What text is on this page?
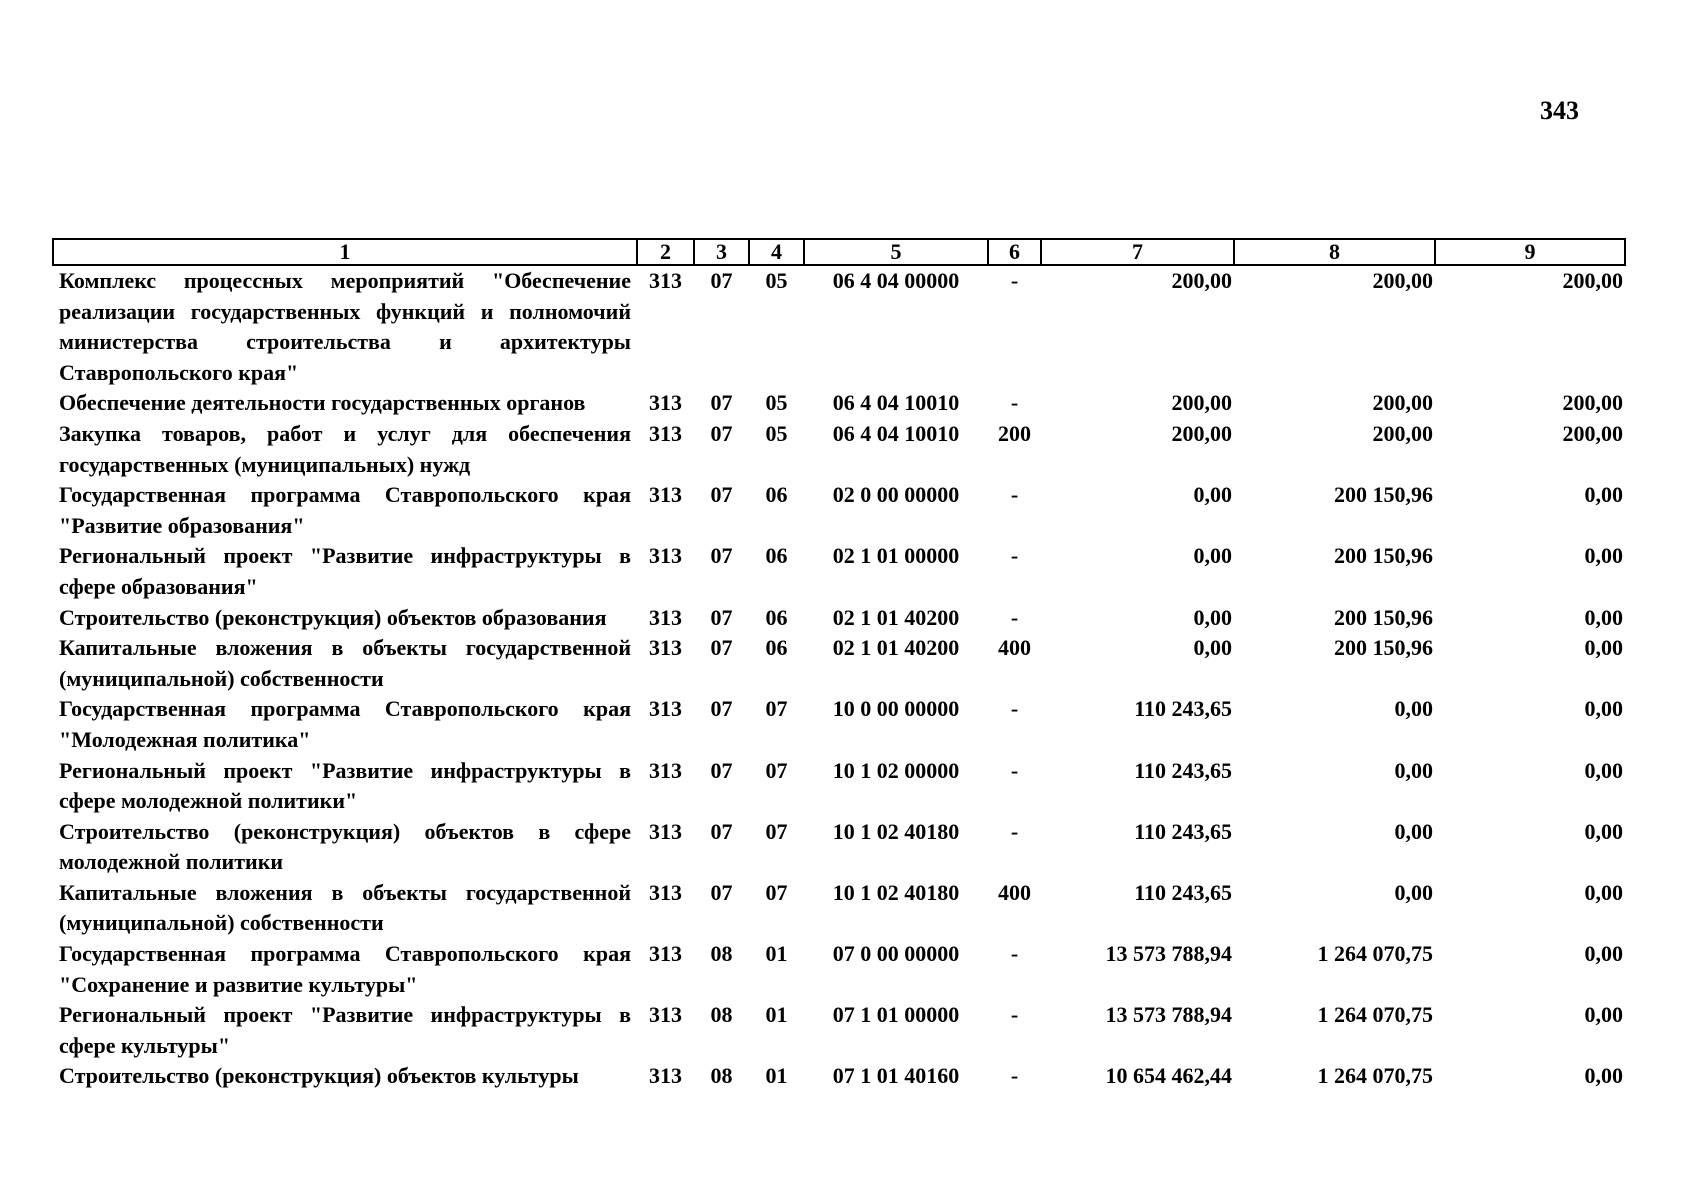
343
1	2	3	4	5	6	7	8	9
Комплекс процессных мероприятий "Обеспечение реализации государственных функций и полномочий министерства строительства и архитектуры Ставропольского края"	313	07	05	06 4 04 00000	-	200,00	200,00	200,00
Обеспечение деятельности государственных органов	313	07	05	06 4 04 10010	-	200,00	200,00	200,00
Закупка товаров, работ и услуг для обеспечения государственных (муниципальных) нужд	313	07	05	06 4 04 10010	200	200,00	200,00	200,00
Государственная программа Ставропольского края "Развитие образования"	313	07	06	02 0 00 00000	-	0,00	200 150,96	0,00
Региональный проект "Развитие инфраструктуры в сфере образования"	313	07	06	02 1 01 00000	-	0,00	200 150,96	0,00
Строительство (реконструкция) объектов образования	313	07	06	02 1 01 40200	-	0,00	200 150,96	0,00
Капитальные вложения в объекты государственной (муниципальной) собственности	313	07	06	02 1 01 40200	400	0,00	200 150,96	0,00
Государственная программа Ставропольского края "Молодежная политика"	313	07	07	10 0 00 00000	-	110 243,65	0,00	0,00
Региональный проект "Развитие инфраструктуры в сфере молодежной политики"	313	07	07	10 1 02 00000	-	110 243,65	0,00	0,00
Строительство (реконструкция) объектов в сфере молодежной политики	313	07	07	10 1 02 40180	-	110 243,65	0,00	0,00
Капитальные вложения в объекты государственной (муниципальной) собственности	313	07	07	10 1 02 40180	400	110 243,65	0,00	0,00
Государственная программа Ставропольского края "Сохранение и развитие культуры"	313	08	01	07 0 00 00000	-	13 573 788,94	1 264 070,75	0,00
Региональный проект "Развитие инфраструктуры в сфере культуры"	313	08	01	07 1 01 00000	-	13 573 788,94	1 264 070,75	0,00
Строительство (реконструкция) объектов культуры	313	08	01	07 1 01 40160	-	10 654 462,44	1 264 070,75	0,00
